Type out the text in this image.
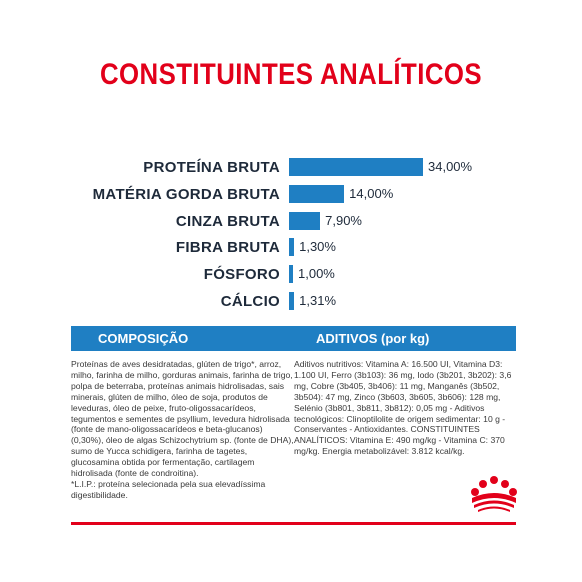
CONSTITUINTES ANALÍTICOS
PROTEÍNA BRUTA	34,00%
MATÉRIA GORDA BRUTA	14,00%
CINZA BRUTA	7,90%
FIBRA BRUTA 1,30%
FÓSFORO 1,00%
CÁLCIO 1,31%
COMPOSIÇÃO
Proteínas de aves desidratadas, glúten de trigo*, arroz, milho, farinha de milho, gorduras animais, farinha de trigo, polpa de beterraba, proteínas animais hidrolisadas, sais minerais, glúten de milho, óleo de soja, produtos de leveduras, óleo de peixe, fruto-oligossacarídeos, tegumentos e sementes de psyllium, levedura hidrolisada (fonte de mano-oligossacarídeos e beta-glucanos) (0,30%), óleo de algas Schizochytrium sp. (fonte de DHA), sumo de Yucca schidigera, farinha de tagetes, glucosamina obtida por fermentação, cartilagem hidrolisada (fonte de condroitina).
*L.I.P.: proteína selecionada pela sua elevadíssima digestibilidade.
ADITIVOS (por kg)
Aditivos nutritivos: Vitamina A: 16.500 UI, Vitamina D3: 1.100 UI, Ferro (3b103): 36 mg, Iodo (3b201, 3b202): 3,6 mg, Cobre (3b405, 3b406): 11 mg, Manganês (3b502, 3b504): 47 mg, Zinco (3b603, 3b605, 3b606): 128 mg, Selénio (3b801, 3b811, 3b812): 0,05 mg - Aditivos tecnológicos: Clinoptilolite de origem sedimentar: 10 g - Conservantes - Antioxidantes. CONSTITUINTES ANALÍTICOS: Vitamina E: 490 mg/kg - Vitamina C: 370 mg/kg. Energia metabolizável: 3.812 kcal/kg.
